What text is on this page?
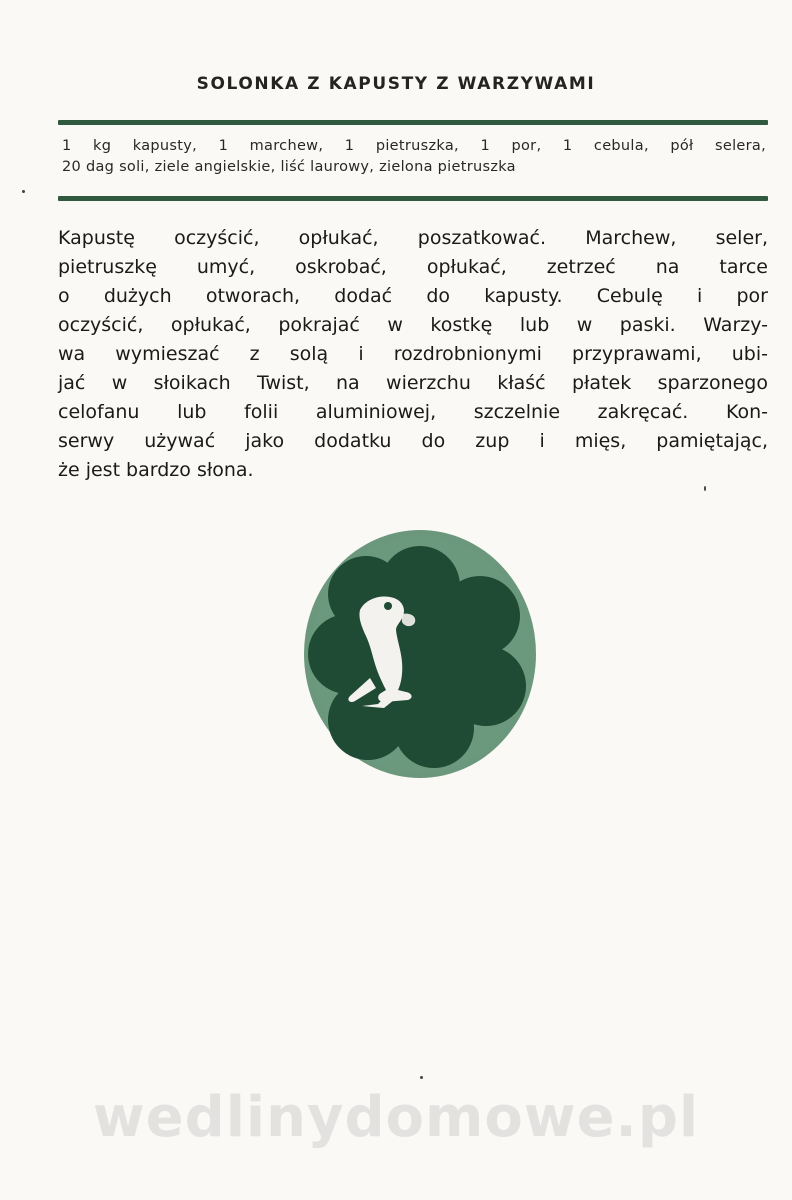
SOLONKA Z KAPUSTY Z WARZYWAMI
1 kg kapusty, 1 marchew, 1 pietruszka, 1 por, 1 cebula, pół selera,
20 dag soli, ziele angielskie, liść laurowy, zielona pietruszka
Kapustę oczyścić, opłukać, poszatkować. Marchew, seler,
pietruszkę umyć, oskrobać, opłukać, zetrzeć na tarce
o dużych otworach, dodać do kapusty. Cebulę i por
oczyścić, opłukać, pokrajać w kostkę lub w paski. Warzy-
wa wymieszać z solą i rozdrobnionymi przyprawami, ubi-
jać w słoikach Twist, na wierzchu kłaść płatek sparzonego
celofanu lub folii aluminiowej, szczelnie zakręcać. Kon-
serwy używać jako dodatku do zup i mięs, pamiętając,
że jest bardzo słona.
wedlinydomowe.pl
